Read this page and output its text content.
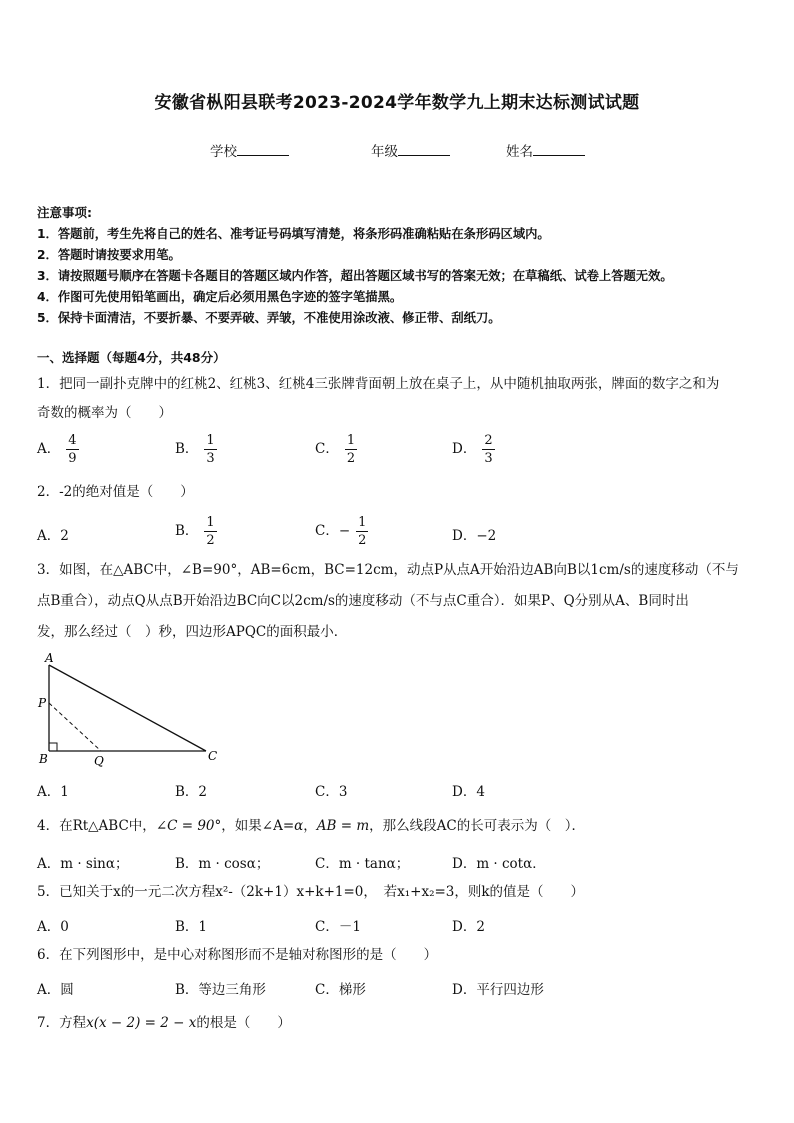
安徽省枞阳县联考2023-2024学年数学九上期末达标测试试题
学校	年级	姓名
注意事项:
1．答题前，考生先将自己的姓名、准考证号码填写清楚，将条形码准确粘贴在条形码区域内。
2．答题时请按要求用笔。
3．请按照题号顺序在答题卡各题目的答题区域内作答，超出答题区域书写的答案无效；在草稿纸、试卷上答题无效。
4．作图可先使用铅笔画出，确定后必须用黑色字迹的签字笔描黑。
5．保持卡面清洁，不要折暴、不要弄破、弄皱，不准使用涂改液、修正带、刮纸刀。
一、选择题（每题4分，共48分）
1．把同一副扑克牌中的红桃2、红桃3、红桃4三张牌背面朝上放在桌子上，从中随机抽取两张，牌面的数字之和为
奇数的概率为（　　）
A． $\frac{4}{9}$	B． $\frac{1}{3}$	C． $\frac{1}{2}$	D． $\frac{2}{3}$
2．-2的绝对值是（　　）
A．2	B． $\frac{1}{2}$	C．− $\frac{1}{2}$	D．−2
3．如图，在△ABC中，∠B=90°，AB=6cm，BC=12cm，动点P从点A开始沿边AB向B以1cm/s的速度移动（不与
点B重合），动点Q从点B开始沿边BC向C以2cm/s的速度移动（不与点C重合）．如果P、Q分别从A、B同时出
发，那么经过（　）秒，四边形APQC的面积最小．
A
P
B	Q	C
A．1	B．2	C．3	D．4
4．在Rt△ABC中，∠C = 90°，如果∠A=α，AB = m，那么线段AC的长可表示为（　）．
A．m · sinα；	B．m · cosα；	C．m · tanα；	D．m · cotα．
5．已知关于x的一元二次方程x²-（2k+1）x+k+1=0，　若x₁+x₂=3，则k的值是（　　）
A．0	B．1	C．－1	D．2
6．在下列图形中，是中心对称图形而不是轴对称图形的是（　　）
A．圆	B．等边三角形	C．梯形	D．平行四边形
7．方程x(x − 2) = 2 − x的根是（　　）
